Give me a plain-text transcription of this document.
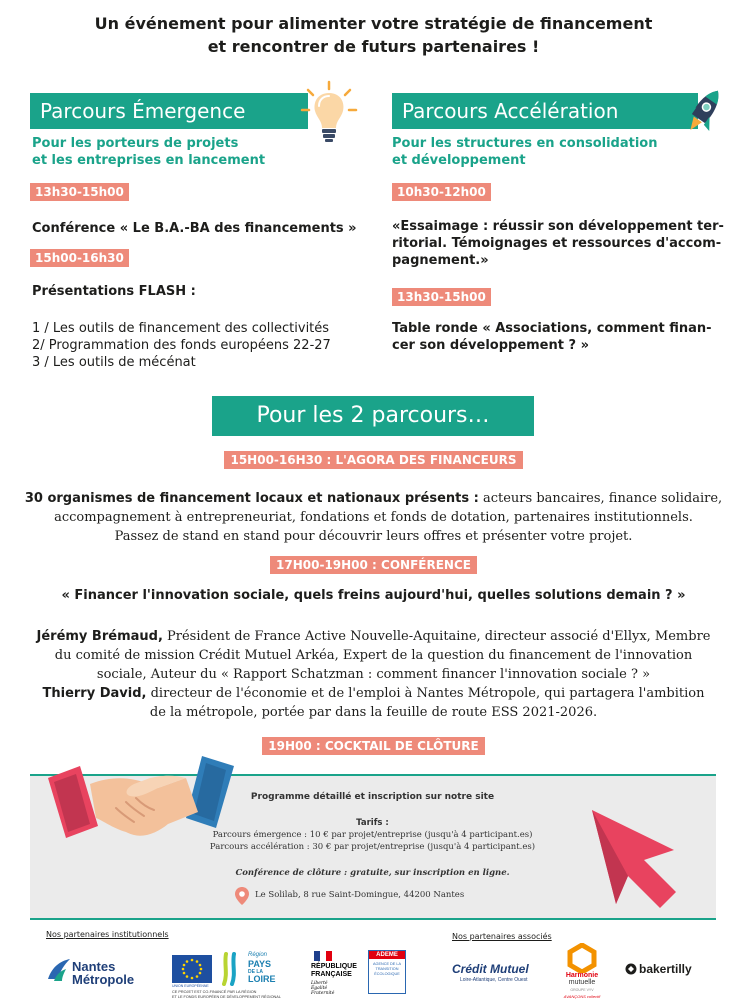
Un événement pour alimenter votre stratégie de financement
et rencontrer de futurs partenaires !
Parcours Émergence
Pour les porteurs de projets
et les entreprises en lancement
13h30-15h00
Conférence « Le B.A.-BA des financements »
15h00-16h30
Présentations FLASH :
1 / Les outils de financement des collectivités
2/ Programmation des fonds européens 22-27
3 / Les outils de mécénat
Parcours Accélération
Pour les structures en consolidation
et développement
10h30-12h00
«Essaimage : réussir son développement ter-
ritorial. Témoignages et ressources d'accom-
pagnement.»
13h30-15h00
Table ronde « Associations, comment finan-
cer son développement ? »
Pour les 2 parcours…
15H00-16H30 : L'AGORA DES FINANCEURS
30 organismes de financement locaux et nationaux présents : acteurs bancaires, finance solidaire,
accompagnement à entrepreneuriat, fondations et fonds de dotation, partenaires institutionnels.
Passez de stand en stand pour découvrir leurs offres et présenter votre projet.
17H00-19H00 : CONFÉRENCE
« Financer l'innovation sociale, quels freins aujourd'hui, quelles solutions demain ? »
Jérémy Brémaud, Président de France Active Nouvelle-Aquitaine, directeur associé d'Ellyx, Membre
du comité de mission Crédit Mutuel Arkéa, Expert de la question du financement de l'innovation
sociale, Auteur du « Rapport Schatzman : comment financer l'innovation sociale ? »
Thierry David, directeur de l'économie et de l'emploi à Nantes Métropole, qui partagera l'ambition
de la métropole, portée par dans la feuille de route ESS 2021-2026.
19H00 : COCKTAIL DE CLÔTURE
Programme détaillé et inscription sur notre site
Tarifs :
Parcours émergence : 10 € par projet/entreprise (jusqu'à 4 participant.es)
Parcours accélération : 30 € par projet/entreprise (jusqu'à 4 participant.es)
Conférence de clôture : gratuite, sur inscription en ligne.
Le Solilab, 8 rue Saint-Domingue, 44200 Nantes
Nos partenaires institutionnels	Nos partenaires associés
Nantes
Métropole	UNION EUROPÉENNE
CE PROJET EST CO-FINANCÉ PAR LA RÉGION
ET LE FONDS EUROPÉEN DE DÉVELOPPEMENT RÉGIONAL
Région
PAYS
DE LA
LOIRE
RÉPUBLIQUE
FRANÇAISE
Liberté
Égalité
Fraternité
ADEME
AGENCE DE LA TRANSITION ÉCOLOGIQUE	Crédit Mutuel
Loire-Atlantique, Centre Ouest
Harmonie
mutuelle
GROUPE VYV
AVANÇONS collectif
bakertilly
